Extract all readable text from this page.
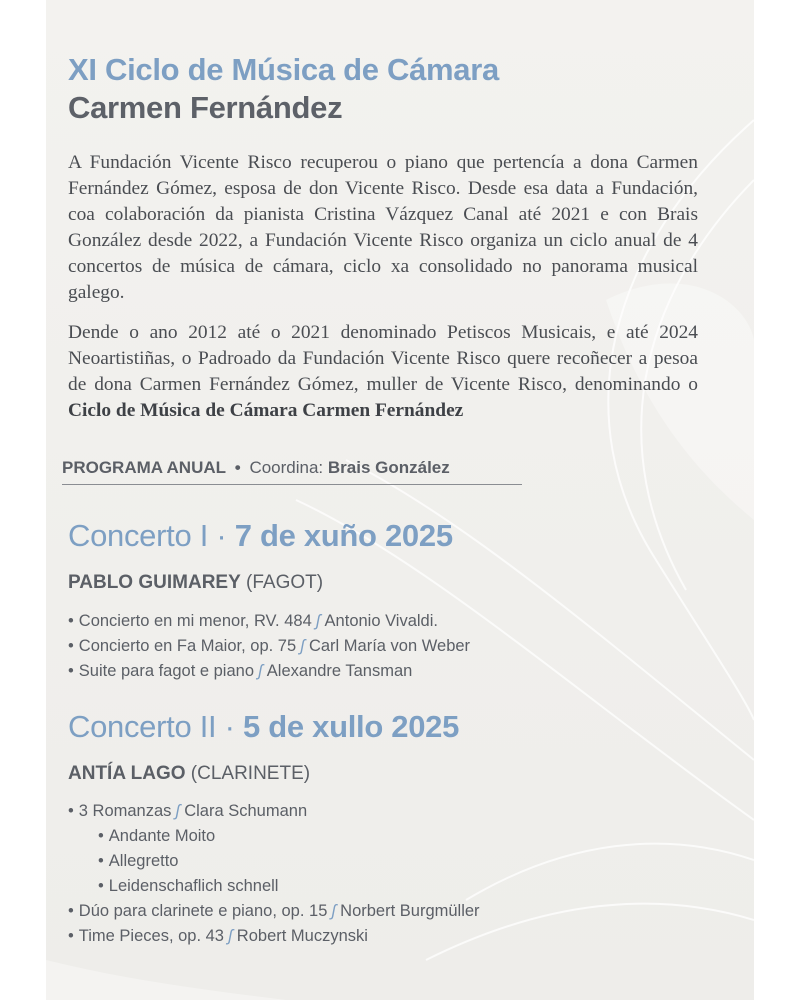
XI Ciclo de Música de Cámara
Carmen Fernández

A Fundación Vicente Risco recuperou o piano que pertencía a dona Carmen Fernández Gómez, esposa de don Vicente Risco. Desde esa data a Fundación, coa colaboración da pianista Cristina Vázquez Canal até 2021 e con Brais González desde 2022, a Fundación Vicente Risco organiza un ciclo anual de 4 concertos de música de cámara, ciclo xa consolidado no panorama musical galego.

Dende o ano 2012 até o 2021 denominado Petiscos Musicais, e até 2024 Neoartistiñas, o Padroado da Fundación Vicente Risco quere recoñecer a pesoa de dona Carmen Fernández Gómez, muller de Vicente Risco, denominando o Ciclo de Música de Cámara Carmen Fernández

PROGRAMA ANUAL • Coordina: Brais González
Concerto I · 7 de xuño 2025
PABLO GUIMAREY (FAGOT)
• Concierto en mi menor, RV. 484 ʃ Antonio Vivaldi.
• Concierto en Fa Maior, op. 75 ʃ Carl María von Weber
• Suite para fagot e piano ʃ Alexandre Tansman
Concerto II · 5 de xullo 2025
ANTÍA LAGO (CLARINETE)
• 3 Romanzas ʃ Clara Schumann
• Andante Moito
• Allegretto
• Leidenschaflich schnell
• Dúo para clarinete e piano, op. 15 ʃ Norbert Burgmüller
• Time Pieces, op. 43 ʃ Robert Muczynski
